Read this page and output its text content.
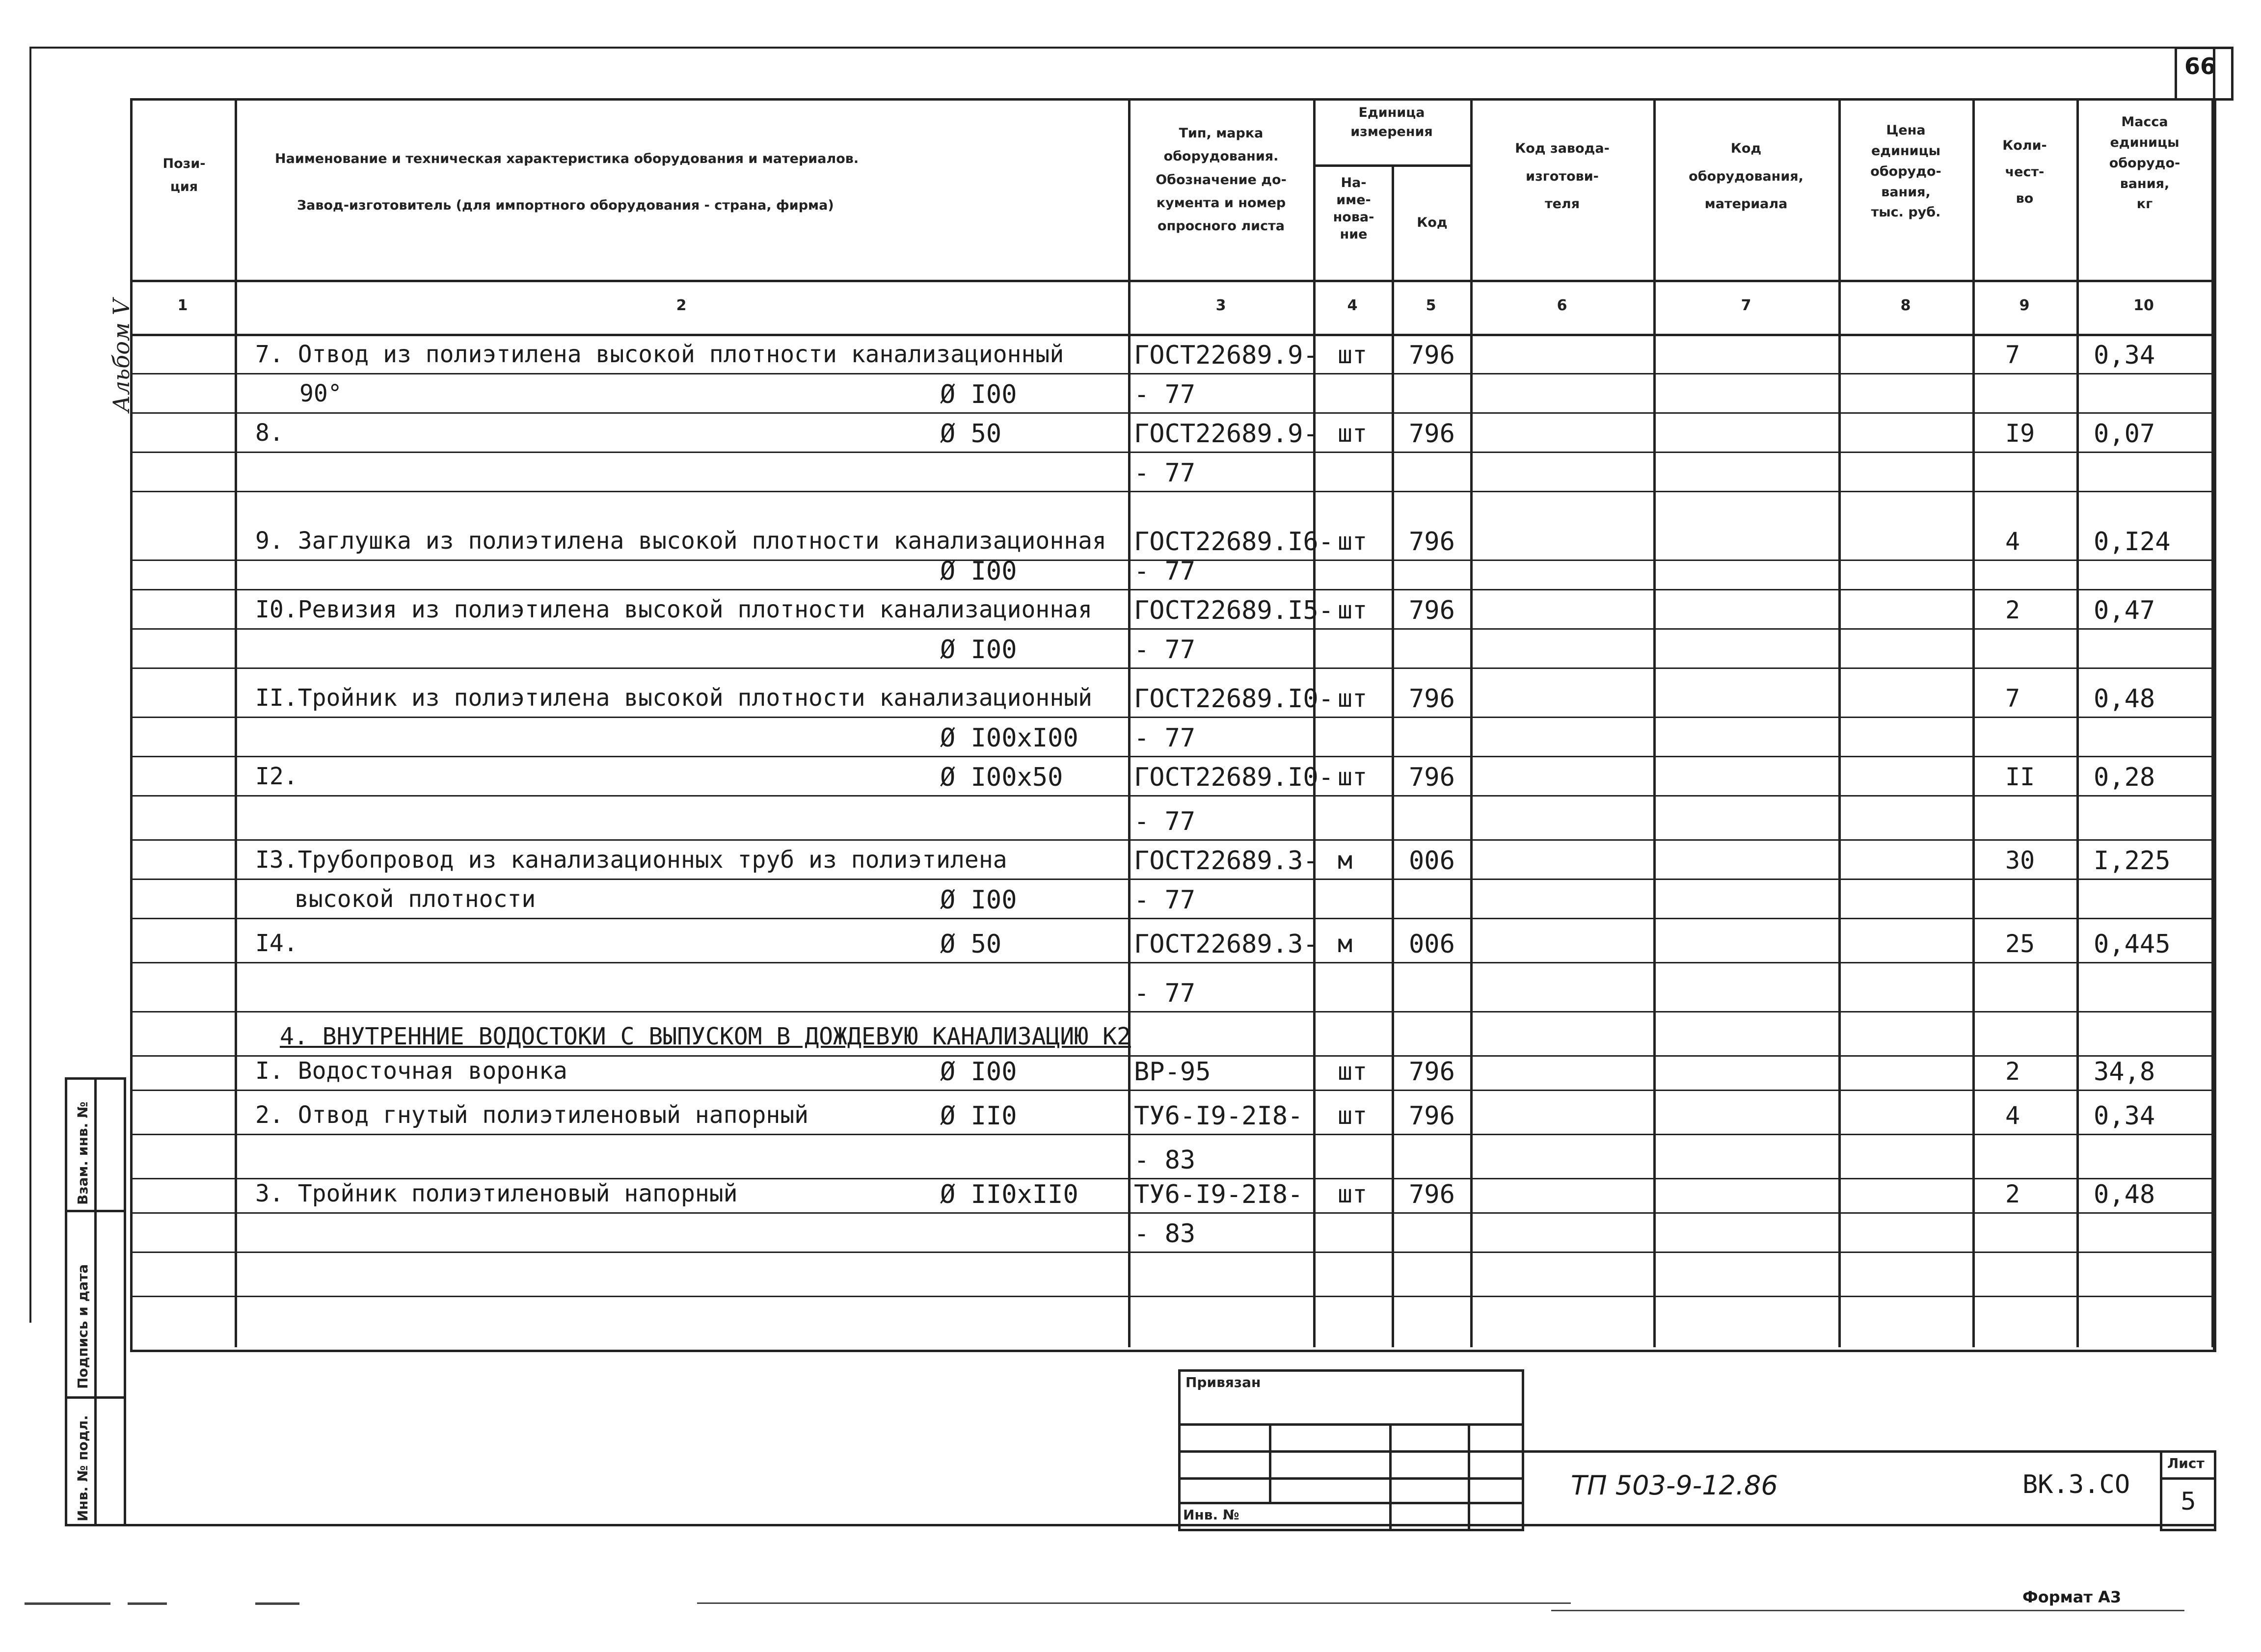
66
Пози-
ция
Наименование и техническая характеристика оборудования и материалов.
Завод-изготовитель (для импортного оборудования - страна, фирма)
Тип, марка
оборудования.
Обозначение до-
кумента и номер
опросного листа
Единица
измерения
На-
име-
нова-
ние
Код
Код завода-
изготови-
теля
Код
оборудования,
материала
Цена
единицы
оборудо-
вания,
тыс. руб.
Коли-
чест-
во
Масса
единицы
оборудо-
вания,
кг
1	2	3	4	5	6	7	8	9	10
7. Отвод из полиэтилена высокой плотности канализационный	ГОСТ22689.9- шт 796	7	0,34
90°	Ø I00	- 77
8.	Ø 50	ГОСТ22689.9- шт 796	I9 0,07
- 77
9. Заглушка из полиэтилена высокой плотности канализационная ГОСТ22689.I6- шт 796	4	0,I24
Ø I00	- 77
I0.Ревизия из полиэтилена высокой плотности канализационная ГОСТ22689.I5- шт 796	2	0,47
Ø I00	- 77
II.Тройник из полиэтилена высокой плотности канализационный ГОСТ22689.I0- шт 796	7	0,48
Ø I00xI00 - 77
I2.	Ø I00x50	ГОСТ22689.I0- шт 796	II 0,28
- 77
I3.Трубопровод из канализационных труб из полиэтилена	ГОСТ22689.3- м 006	30 I,225
высокой плотности	Ø I00	- 77
I4.	Ø 50	ГОСТ22689.3- м 006	25 0,445
- 77
4. ВНУТРЕННИЕ ВОДОСТОКИ С ВЫПУСКОМ В ДОЖДЕВУЮ КАНАЛИЗАЦИЮ К2
I. Водосточная воронка	Ø I00	ВР-95	шт 796	2	34,8
2. Отвод гнутый полиэтиленовый напорный	Ø II0	ТУ6-I9-2I8- шт 796	4	0,34
- 83
3. Тройник полиэтиленовый напорный	Ø II0xII0 ТУ6-I9-2I8- шт 796	2	0,48
- 83
Инв. № подл.
Подпись и дата
Взам. инв. №
Альбом V
Привязан
Инв. №
ТП 503-9-12.86	ВК.З.СО
Лист
5
Формат А3
